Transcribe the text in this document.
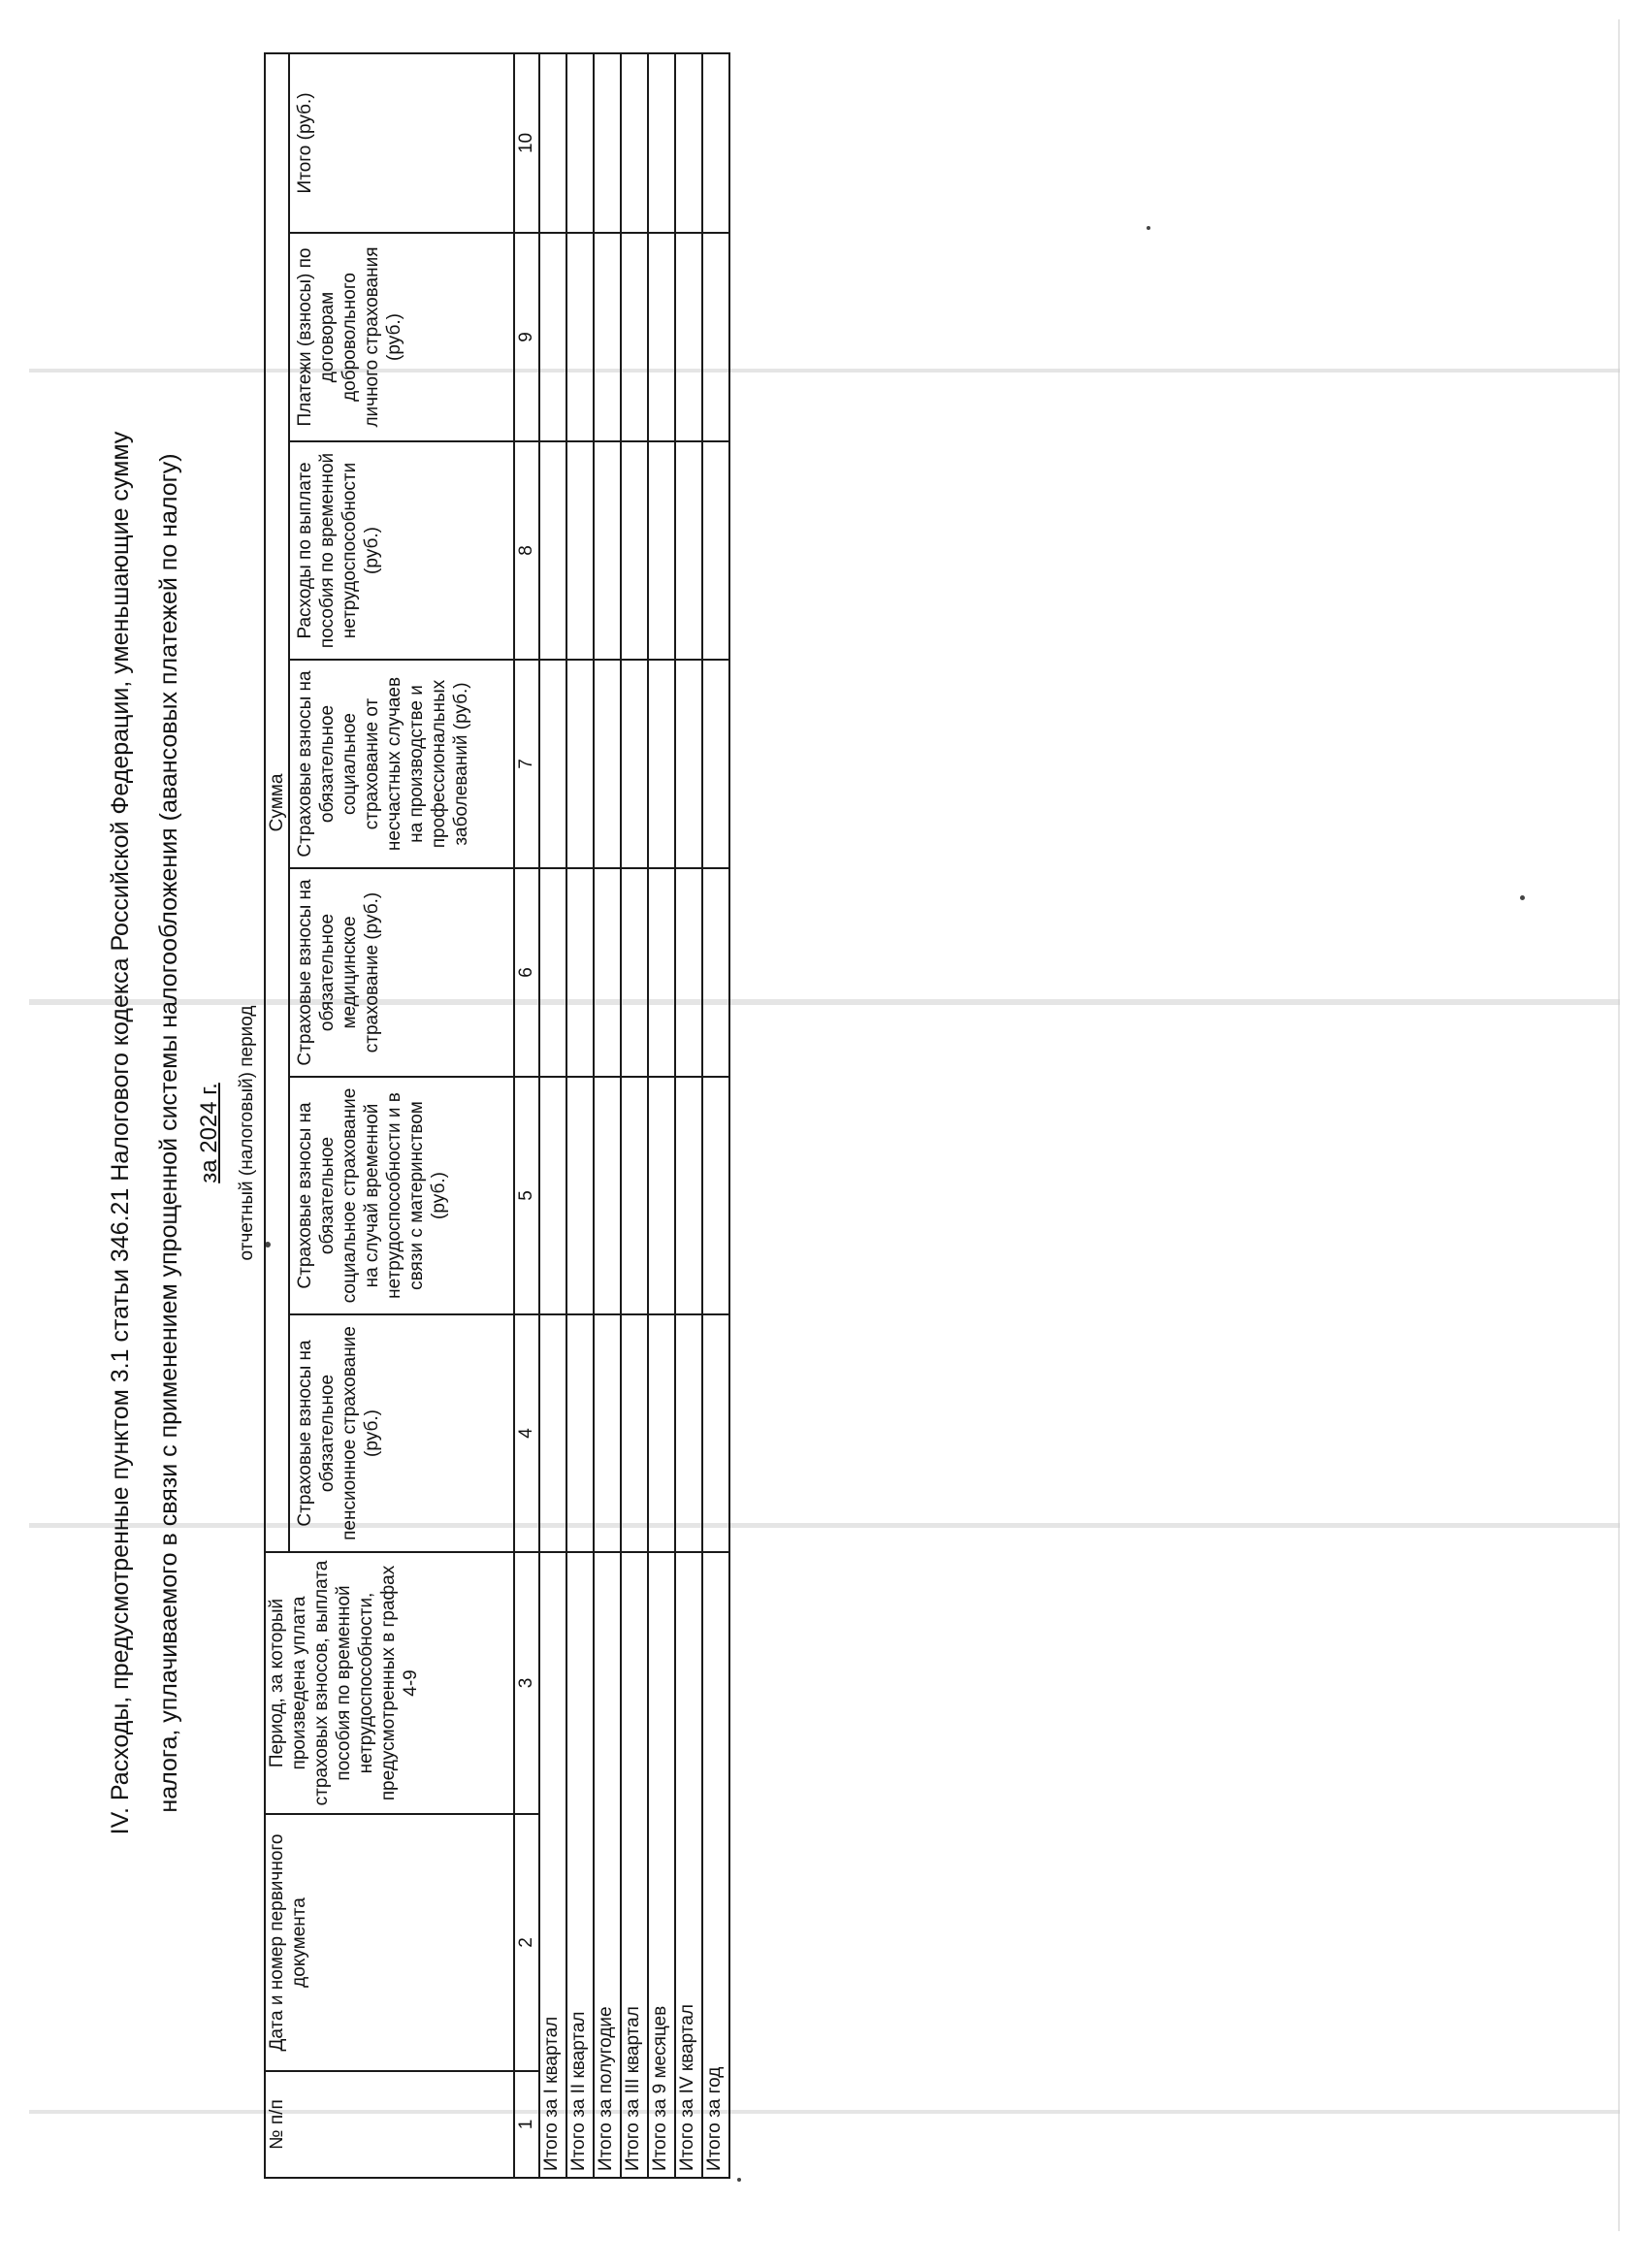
IV. Расходы, предусмотренные пунктом 3.1 статьи 346.21 Налогового кодекса Российской Федерации, уменьшающие сумму налога, уплачиваемого в связи с применением упрощенной системы налогообложения (авансовых платежей по налогу) за 2024 г. отчетный (налоговый) период
№ п/п	Дата и номер первичного документа	Период, за который произведена уплата страховых взносов, выплата пособия по временной нетрудоспособности, предусмотренных в графах 4-9	Сумма						
			Страховые взносы на обязательное пенсионное страхование (руб.)	Страховые взносы на обязательное социальное страхование на случай временной нетрудоспособности и в связи с материнством (руб.)	Страховые взносы на обязательное медицинское страхование (руб.)	Страховые взносы на обязательное социальное страхование от несчастных случаев на производстве и профессиональных заболеваний (руб.)	Расходы по выплате пособия по временной нетрудоспособности (руб.)	Платежи (взносы) по договорам добровольного личного страхования (руб.)	Итого (руб.)
1	2	3	4	5	6	7	8	9	10
Итого за I квартал									
Итого за II квартал									
Итого за полугодие									
Итого за III квартал									
Итого за 9 месяцев									
Итого за IV квартал									
Итого за год									
